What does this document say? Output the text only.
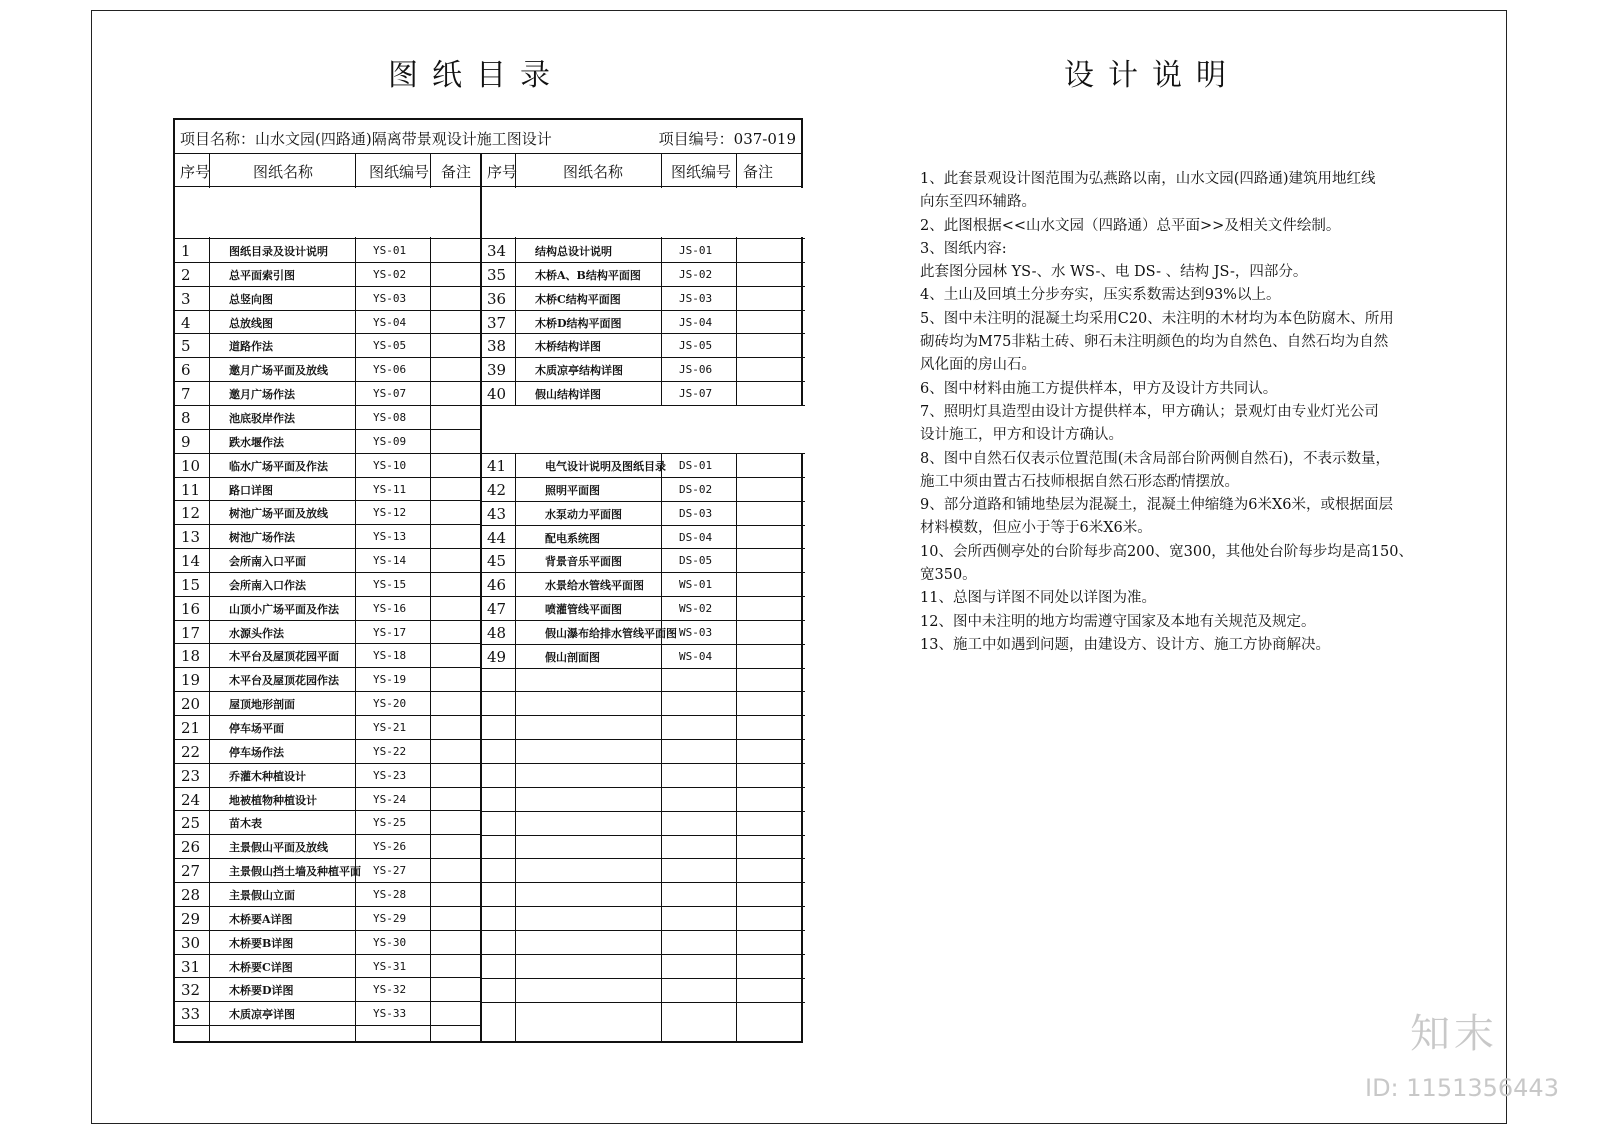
图纸目录	设计说明
项目名称：山水文园(四路通)隔离带景观设计施工图设计	项目编号：037-019
序号	图纸名称	图纸编号 备注 序号	图纸名称	图纸编号 备注
1	图纸目录及设计说明	YS-01
2	总平面索引图	YS-02
3	总竖向图	YS-03
4	总放线图	YS-04
5	道路作法	YS-05
6	邀月广场平面及放线	YS-06
7	邀月广场作法	YS-07
8	池底驳岸作法	YS-08
9	跌水堰作法	YS-09
10	临水广场平面及作法	YS-10
11	路口详图	YS-11
12	树池广场平面及放线	YS-12
13	树池广场作法	YS-13
14	会所南入口平面	YS-14
15	会所南入口作法	YS-15
16	山顶小广场平面及作法	YS-16
17	水源头作法	YS-17
18	木平台及屋顶花园平面	YS-18
19	木平台及屋顶花园作法	YS-19
20	屋顶地形剖面	YS-20
21	停车场平面	YS-21
22	停车场作法	YS-22
23	乔灌木种植设计	YS-23
24	地被植物种植设计	YS-24
25	苗木表	YS-25
26	主景假山平面及放线	YS-26
27	主景假山挡土墙及种植平面 YS-27
28	主景假山立面	YS-28
29	木桥要A详图	YS-29
30	木桥要B详图	YS-30
31	木桥要C详图	YS-31
32	木桥要D详图	YS-32
33	木质凉亭详图	YS-33
34	结构总设计说明	JS-01
35	木桥A、B结构平面图	JS-02
36	木桥C结构平面图	JS-03
37	木桥D结构平面图	JS-04
38	木桥结构详图	JS-05
39	木质凉亭结构详图	JS-06
40	假山结构详图	JS-07
41	电气设计说明及图纸目录 DS-01
42	照明平面图	DS-02
43	水泵动力平面图	DS-03
44	配电系统图	DS-04
45	背景音乐平面图	DS-05
46	水景给水管线平面图	WS-01
47	喷灌管线平面图	WS-02
48	假山瀑布给排水管线平面图 WS-03
49	假山剖面图	WS-04

1、此套景观设计图范围为弘燕路以南，山水文园(四路通)建筑用地红线

向东至四环辅路。

2、此图根据<<山水文园（四路通）总平面>>及相关文件绘制。

3、图纸内容:

此套图分园林 YS-、水 WS-、电 DS- 、结构 JS-，四部分。

4、土山及回填土分步夯实，压实系数需达到93%以上。

5、图中未注明的混凝土均采用C20、未注明的木材均为本色防腐木、所用

砌砖均为M75非粘土砖、卵石未注明颜色的均为自然色、自然石均为自然

风化面的房山石。

6、图中材料由施工方提供样本，甲方及设计方共同认。

7、照明灯具造型由设计方提供样本，甲方确认；景观灯由专业灯光公司

设计施工，甲方和设计方确认。

8、图中自然石仅表示位置范围(未含局部台阶两侧自然石)，不表示数量，

施工中须由置古石技师根据自然石形态酌情摆放。

9、部分道路和铺地垫层为混凝土，混凝土伸缩缝为6米X6米，或根据面层

材料模数，但应小于等于6米X6米。

10、会所西侧亭处的台阶每步高200、宽300，其他处台阶每步均是高150、

宽350。

11、总图与详图不同处以详图为准。

12、图中未注明的地方均需遵守国家及本地有关规范及规定。

13、施工中如遇到问题，由建设方、设计方、施工方协商解决。

知末
ID: 1151356443
